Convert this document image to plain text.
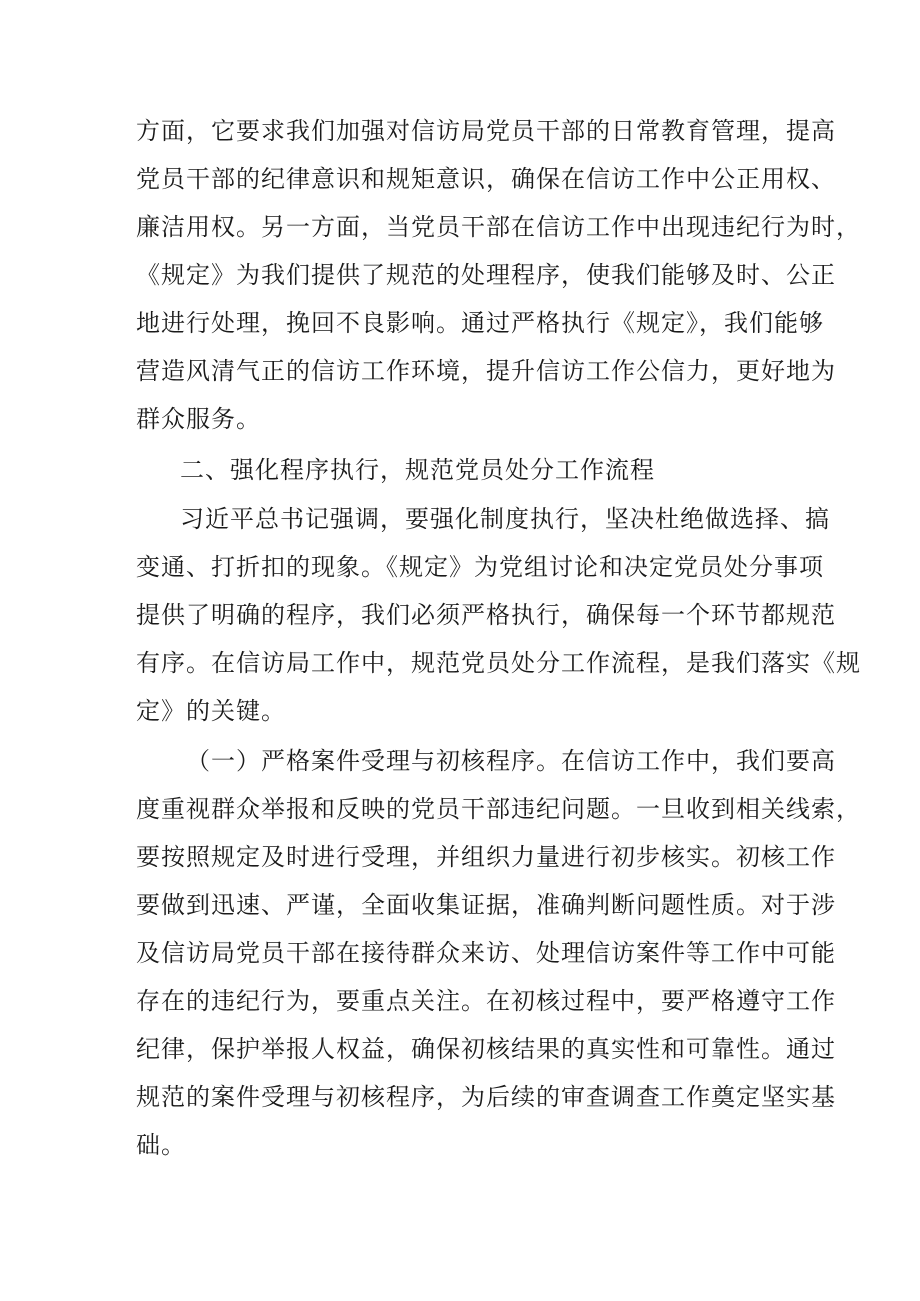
方面，它要求我们加强对信访局党员干部的日常教育管理，提高
党员干部的纪律意识和规矩意识，确保在信访工作中公正用权、
廉洁用权。另一方面，当党员干部在信访工作中出现违纪行为时，
《规定》为我们提供了规范的处理程序，使我们能够及时、公正
地进行处理，挽回不良影响。通过严格执行《规定》，我们能够
营造风清气正的信访工作环境，提升信访工作公信力，更好地为
群众服务。
二、强化程序执行，规范党员处分工作流程
习近平总书记强调，要强化制度执行，坚决杜绝做选择、搞
变通、打折扣的现象。《规定》为党组讨论和决定党员处分事项
提供了明确的程序，我们必须严格执行，确保每一个环节都规范
有序。在信访局工作中，规范党员处分工作流程，是我们落实《规
定》的关键。
（一）严格案件受理与初核程序。在信访工作中，我们要高
度重视群众举报和反映的党员干部违纪问题。一旦收到相关线索，
要按照规定及时进行受理，并组织力量进行初步核实。初核工作
要做到迅速、严谨，全面收集证据，准确判断问题性质。对于涉
及信访局党员干部在接待群众来访、处理信访案件等工作中可能
存在的违纪行为，要重点关注。在初核过程中，要严格遵守工作
纪律，保护举报人权益，确保初核结果的真实性和可靠性。通过
规范的案件受理与初核程序，为后续的审查调查工作奠定坚实基
础。
